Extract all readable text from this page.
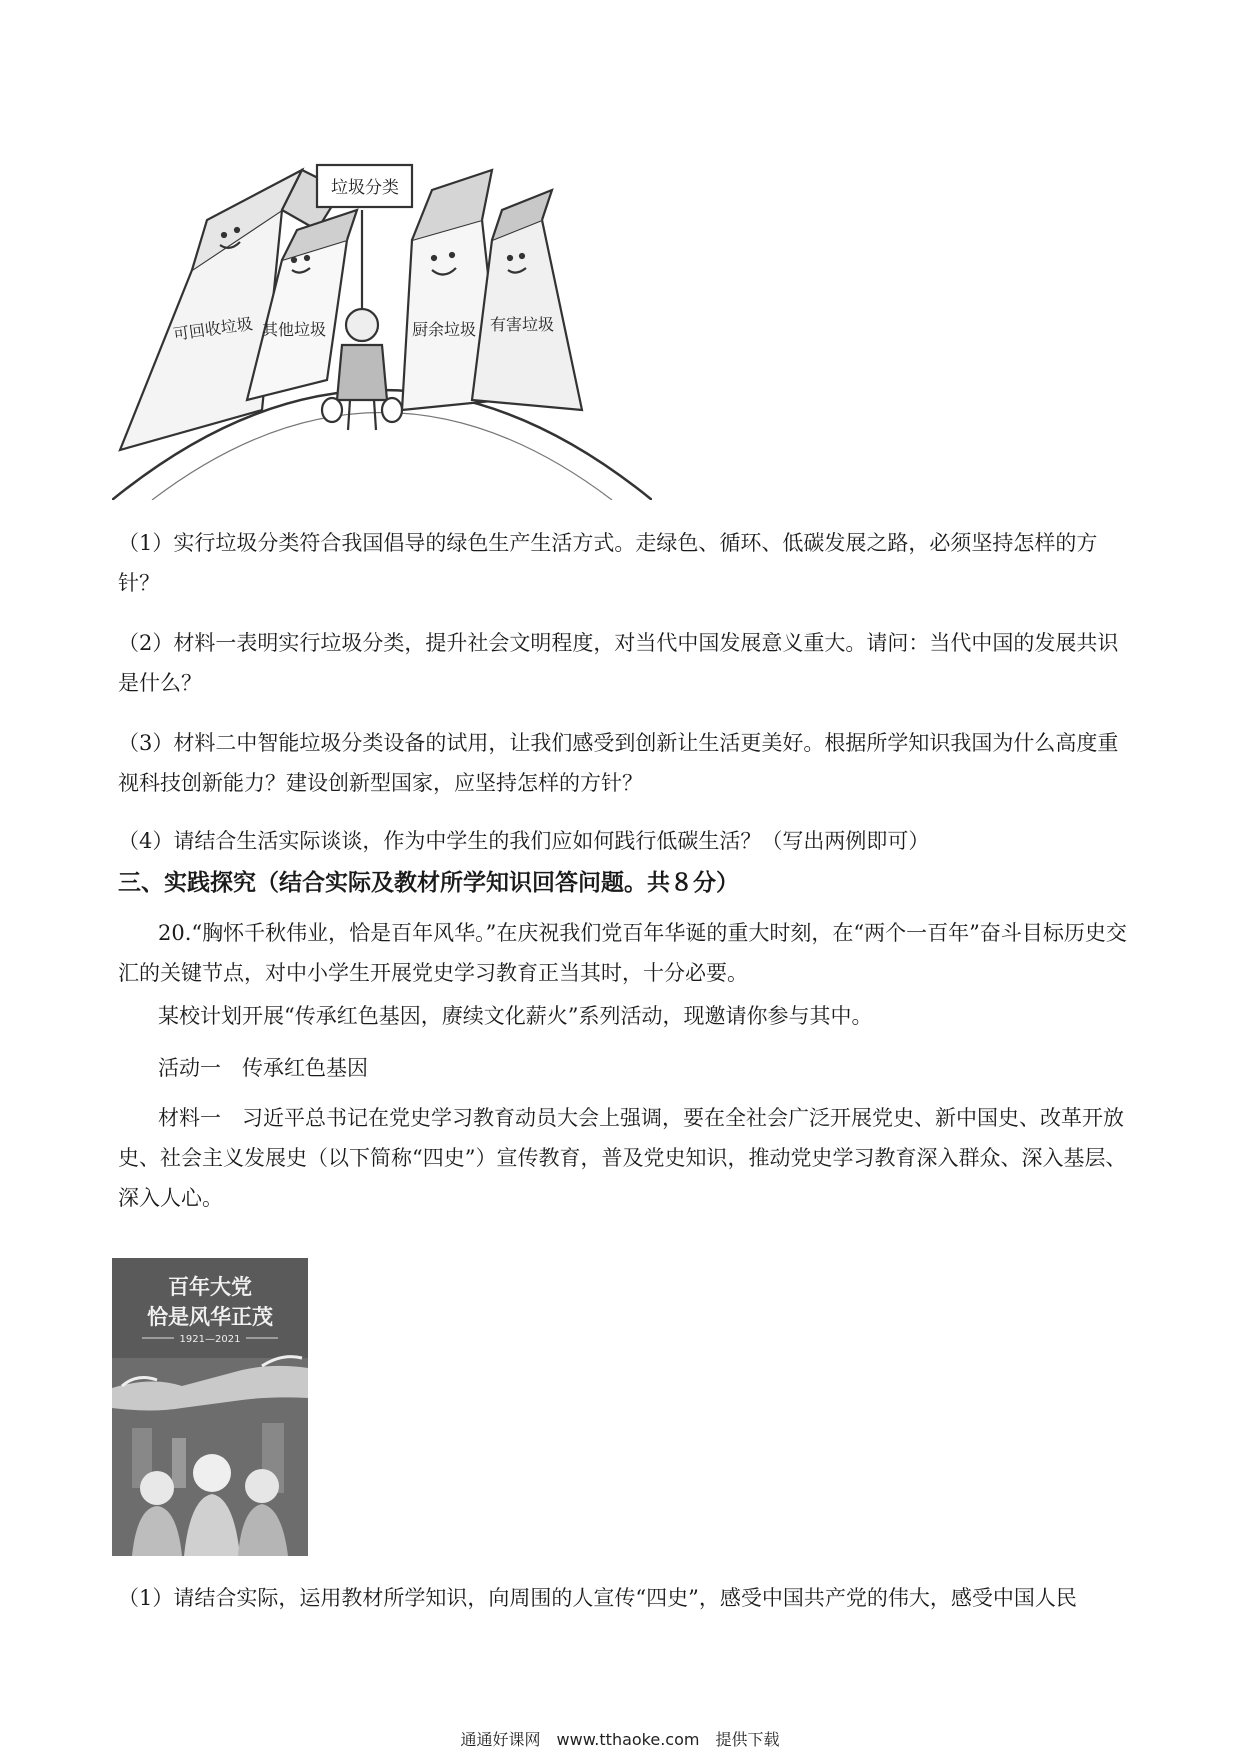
垃圾分类
可回收垃圾 其他垃圾	厨余垃圾 有害垃圾

（1）实行垃圾分类符合我国倡导的绿色生产生活方式。走绿色、循环、低碳发展之路，必须坚持怎样的方针？

（2）材料一表明实行垃圾分类，提升社会文明程度，对当代中国发展意义重大。请问：当代中国的发展共识是什么？

（3）材料二中智能垃圾分类设备的试用，让我们感受到创新让生活更美好。根据所学知识我国为什么高度重视科技创新能力？建设创新型国家，应坚持怎样的方针？

（4）请结合生活实际谈谈，作为中学生的我们应如何践行低碳生活？（写出两例即可）

三、实践探究（结合实际及教材所学知识回答问题。共８分）

20.“胸怀千秋伟业，恰是百年风华。”在庆祝我们党百年华诞的重大时刻，在“两个一百年”奋斗目标历史交汇的关键节点，对中小学生开展党史学习教育正当其时，十分必要。

某校计划开展“传承红色基因，赓续文化薪火”系列活动，现邀请你参与其中。

活动一　传承红色基因

材料一　习近平总书记在党史学习教育动员大会上强调，要在全社会广泛开展党史、新中国史、改革开放史、社会主义发展史（以下简称“四史”）宣传教育，普及党史知识，推动党史学习教育深入群众、深入基层、深入人心。

百年大党
恰是风华正茂
1921—2021

（1）请结合实际，运用教材所学知识，向周围的人宣传“四史”，感受中国共产党的伟大，感受中国人民

通通好课网　www.tthaoke.com　提供下载
